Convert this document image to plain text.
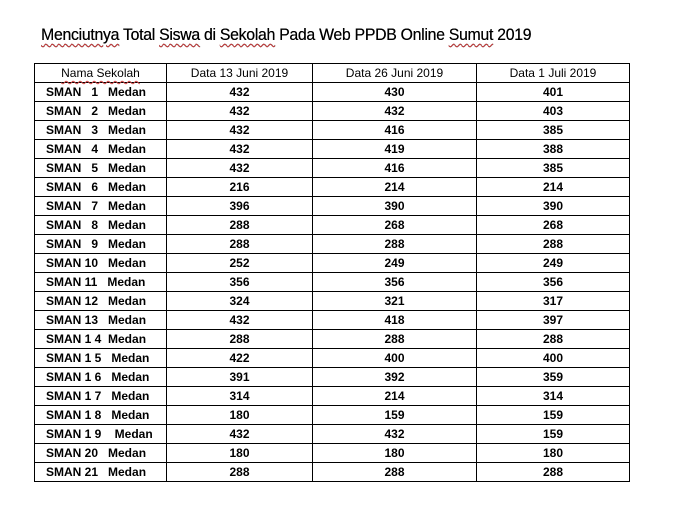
Menciutnya Total Siswa di Sekolah Pada Web PPDB Online Sumut 2019
Nama Sekolah	Data 13 Juni 2019	Data 26 Juni 2019	Data 1 Juli 2019
SMAN   1   Medan	432	430	401
SMAN   2   Medan	432	432	403
SMAN   3   Medan	432	416	385
SMAN   4   Medan	432	419	388
SMAN   5   Medan	432	416	385
SMAN   6   Medan	216	214	214
SMAN   7   Medan	396	390	390
SMAN   8   Medan	288	268	268
SMAN   9   Medan	288	288	288
SMAN 10   Medan	252	249	249
SMAN 11   Medan	356	356	356
SMAN 12   Medan	324	321	317
SMAN 13   Medan	432	418	397
SMAN 1 4  Medan	288	288	288
SMAN 1 5   Medan	422	400	400
SMAN 1 6   Medan	391	392	359
SMAN 1 7   Medan	314	214	314
SMAN 1 8   Medan	180	159	159
SMAN 1 9    Medan	432	432	159
SMAN 20   Medan	180	180	180
SMAN 21   Medan	288	288	288
